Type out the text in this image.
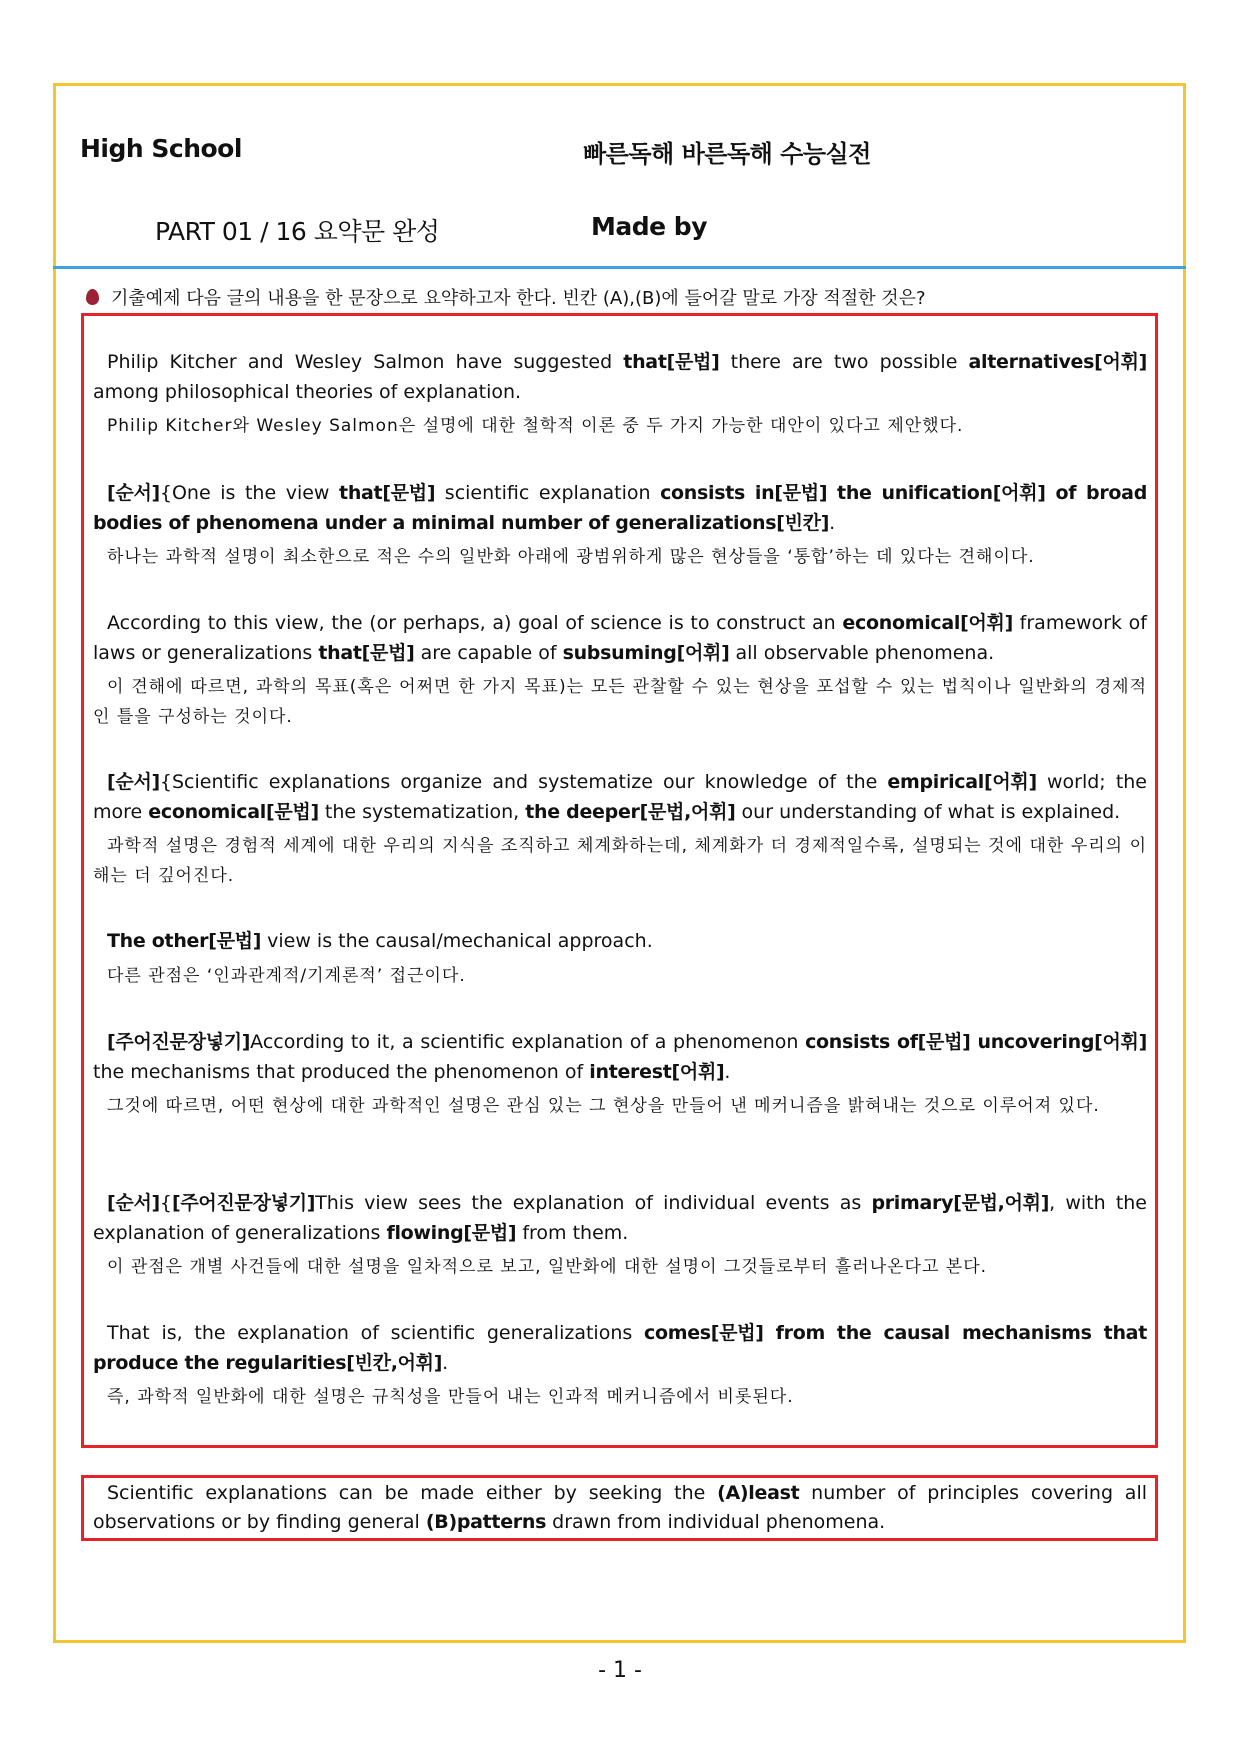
High School	빠른독해 바른독해 수능실전
PART 01 / 16 요약문 완성	Made by
기출예제 다음 글의 내용을 한 문장으로 요약하고자 한다. 빈칸 (A),(B)에 들어갈 말로 가장 적절한 것은?
Philip Kitcher and Wesley Salmon have suggested that[문법] there are two possible alternatives[어휘] among philosophical theories of explanation.
Philip Kitcher와 Wesley Salmon은 설명에 대한 철학적 이론 중 두 가지 가능한 대안이 있다고 제안했다.
[순서]{One is the view that[문법] scientific explanation consists in[문법] the unification[어휘] of broad bodies of phenomena under a minimal number of generalizations[빈칸].
하나는 과학적 설명이 최소한으로 적은 수의 일반화 아래에 광범위하게 많은 현상들을 ‘통합’하는 데 있다는 견해이다.
According to this view, the (or perhaps, a) goal of science is to construct an economical[어휘] framework of laws or generalizations that[문법] are capable of subsuming[어휘] all observable phenomena.
이 견해에 따르면, 과학의 목표(혹은 어쩌면 한 가지 목표)는 모든 관찰할 수 있는 현상을 포섭할 수 있는 법칙이나 일반화의 경제적인 틀을 구성하는 것이다.
[순서]{Scientific explanations organize and systematize our knowledge of the empirical[어휘] world; the more economical[문법] the systematization, the deeper[문법,어휘] our understanding of what is explained.
과학적 설명은 경험적 세계에 대한 우리의 지식을 조직하고 체계화하는데, 체계화가 더 경제적일수록, 설명되는 것에 대한 우리의 이해는 더 깊어진다.
The other[문법] view is the causal/mechanical approach.
다른 관점은 ‘인과관계적/기계론적’ 접근이다.
[주어진문장넣기]According to it, a scientific explanation of a phenomenon consists of[문법] uncovering[어휘] the mechanisms that produced the phenomenon of interest[어휘].
그것에 따르면, 어떤 현상에 대한 과학적인 설명은 관심 있는 그 현상을 만들어 낸 메커니즘을 밝혀내는 것으로 이루어져 있다.
[순서]{[주어진문장넣기]This view sees the explanation of individual events as primary[문법,어휘], with the explanation of generalizations flowing[문법] from them.
이 관점은 개별 사건들에 대한 설명을 일차적으로 보고, 일반화에 대한 설명이 그것들로부터 흘러나온다고 본다.
That is, the explanation of scientific generalizations comes[문법] from the causal mechanisms that produce the regularities[빈칸,어휘].
즉, 과학적 일반화에 대한 설명은 규칙성을 만들어 내는 인과적 메커니즘에서 비롯된다.
Scientific explanations can be made either by seeking the (A)least number of principles covering all observations or by finding general (B)patterns drawn from individual phenomena.
- 1 -
